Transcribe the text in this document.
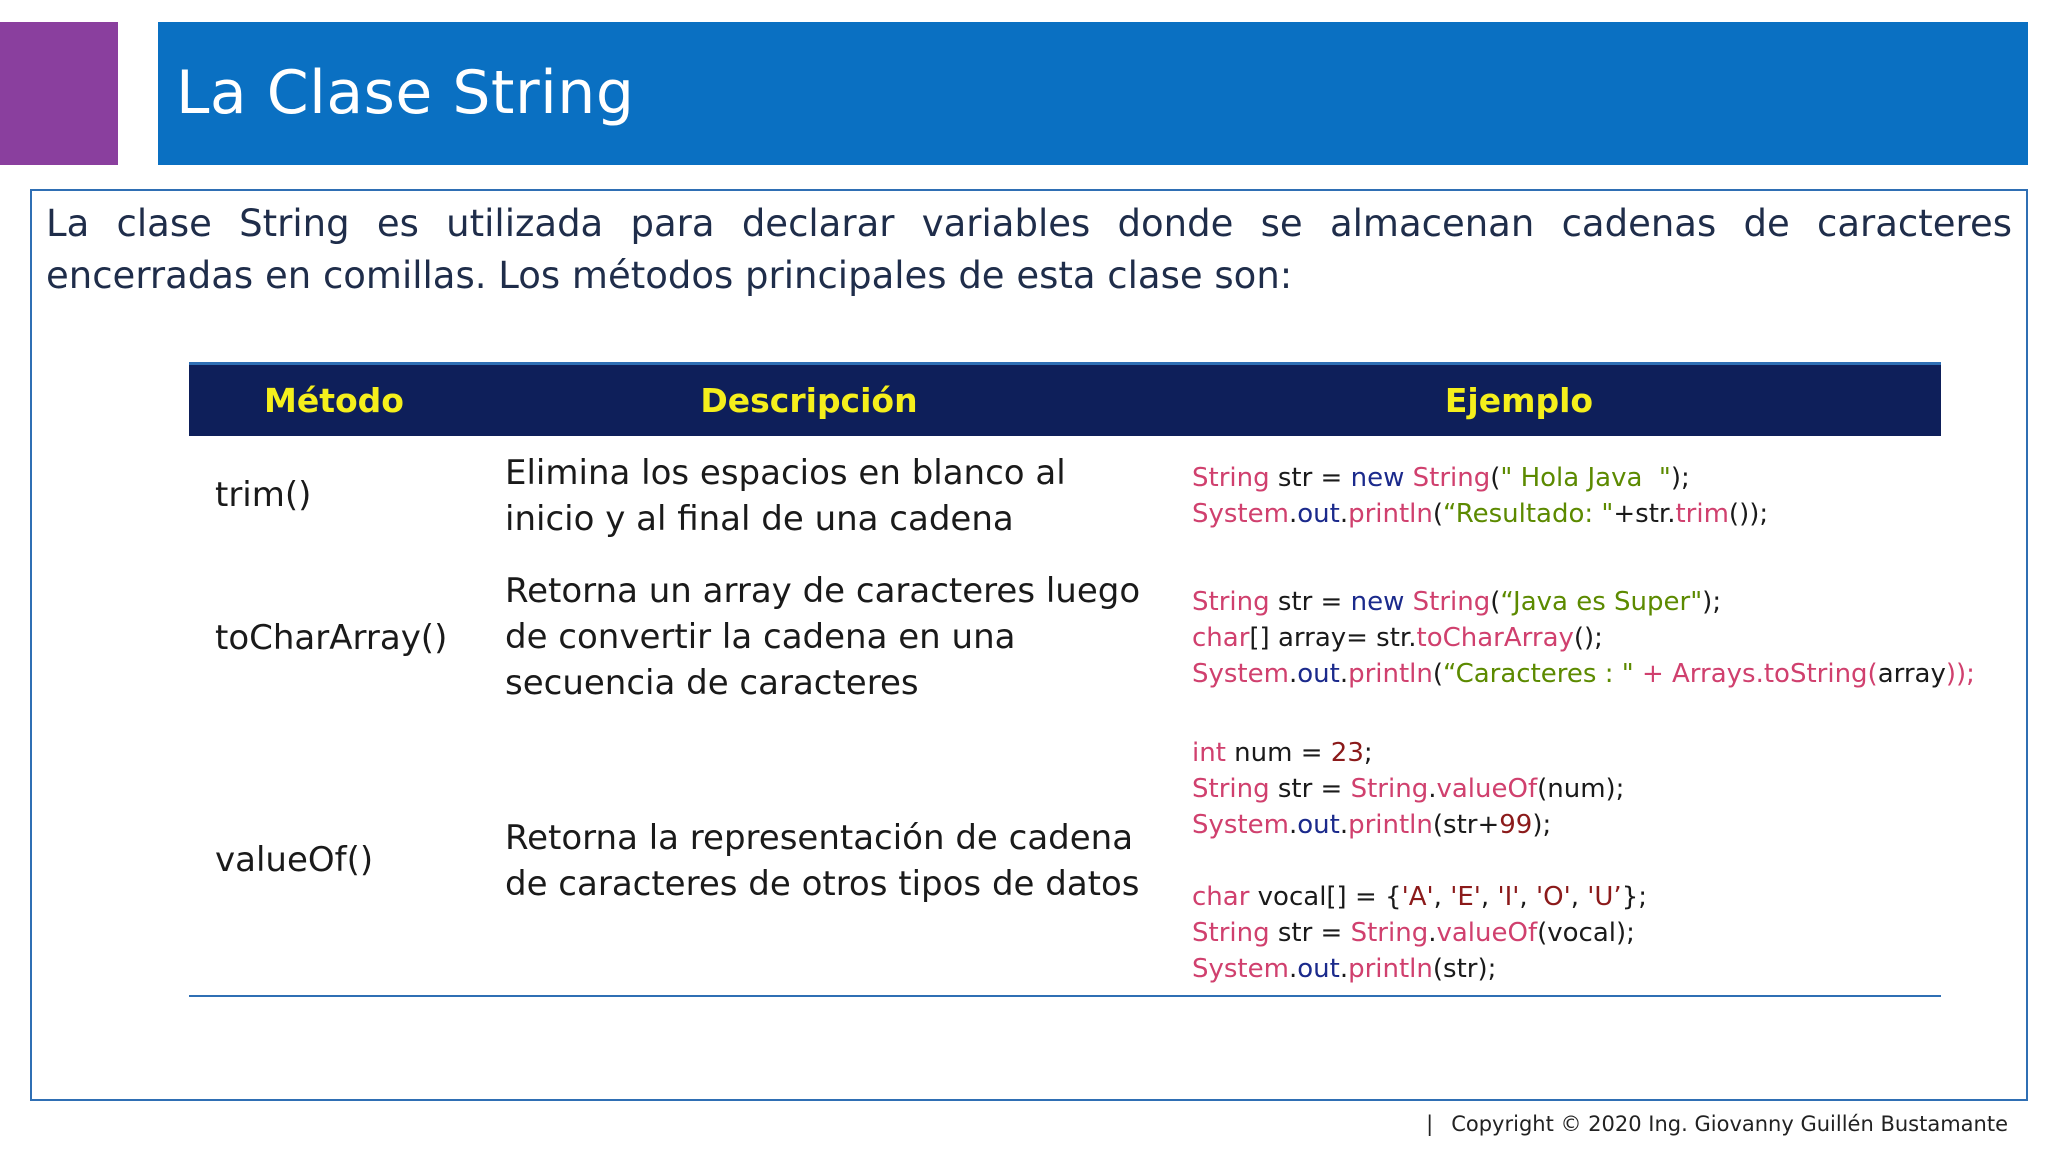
La Clase String
La clase String es utilizada para declarar variables donde se almacenan cadenas de caracteres encerradas en comillas. Los métodos principales de esta clase son:
Método	Descripción	Ejemplo
trim()
Elimina los espacios en blanco al inicio y al final de una cadena
String str = new String(" Hola Java  ");
System.out.println(“Resultado: "+str.trim());
toCharArray()
Retorna un array de caracteres luego de convertir la cadena en una secuencia de caracteres
String str = new String(“Java es Super");
char[] array= str.toCharArray();
System.out.println(“Caracteres : " + Arrays.toString(array));
valueOf()
Retorna la representación de cadena de caracteres de otros tipos de datos
int num = 23;
String str = String.valueOf(num);
System.out.println(str+99);
char vocal[] = {'A', 'E', 'I', 'O', 'U’};
String str = String.valueOf(vocal);
System.out.println(str);
| Copyright © 2020 Ing. Giovanny Guillén Bustamante
